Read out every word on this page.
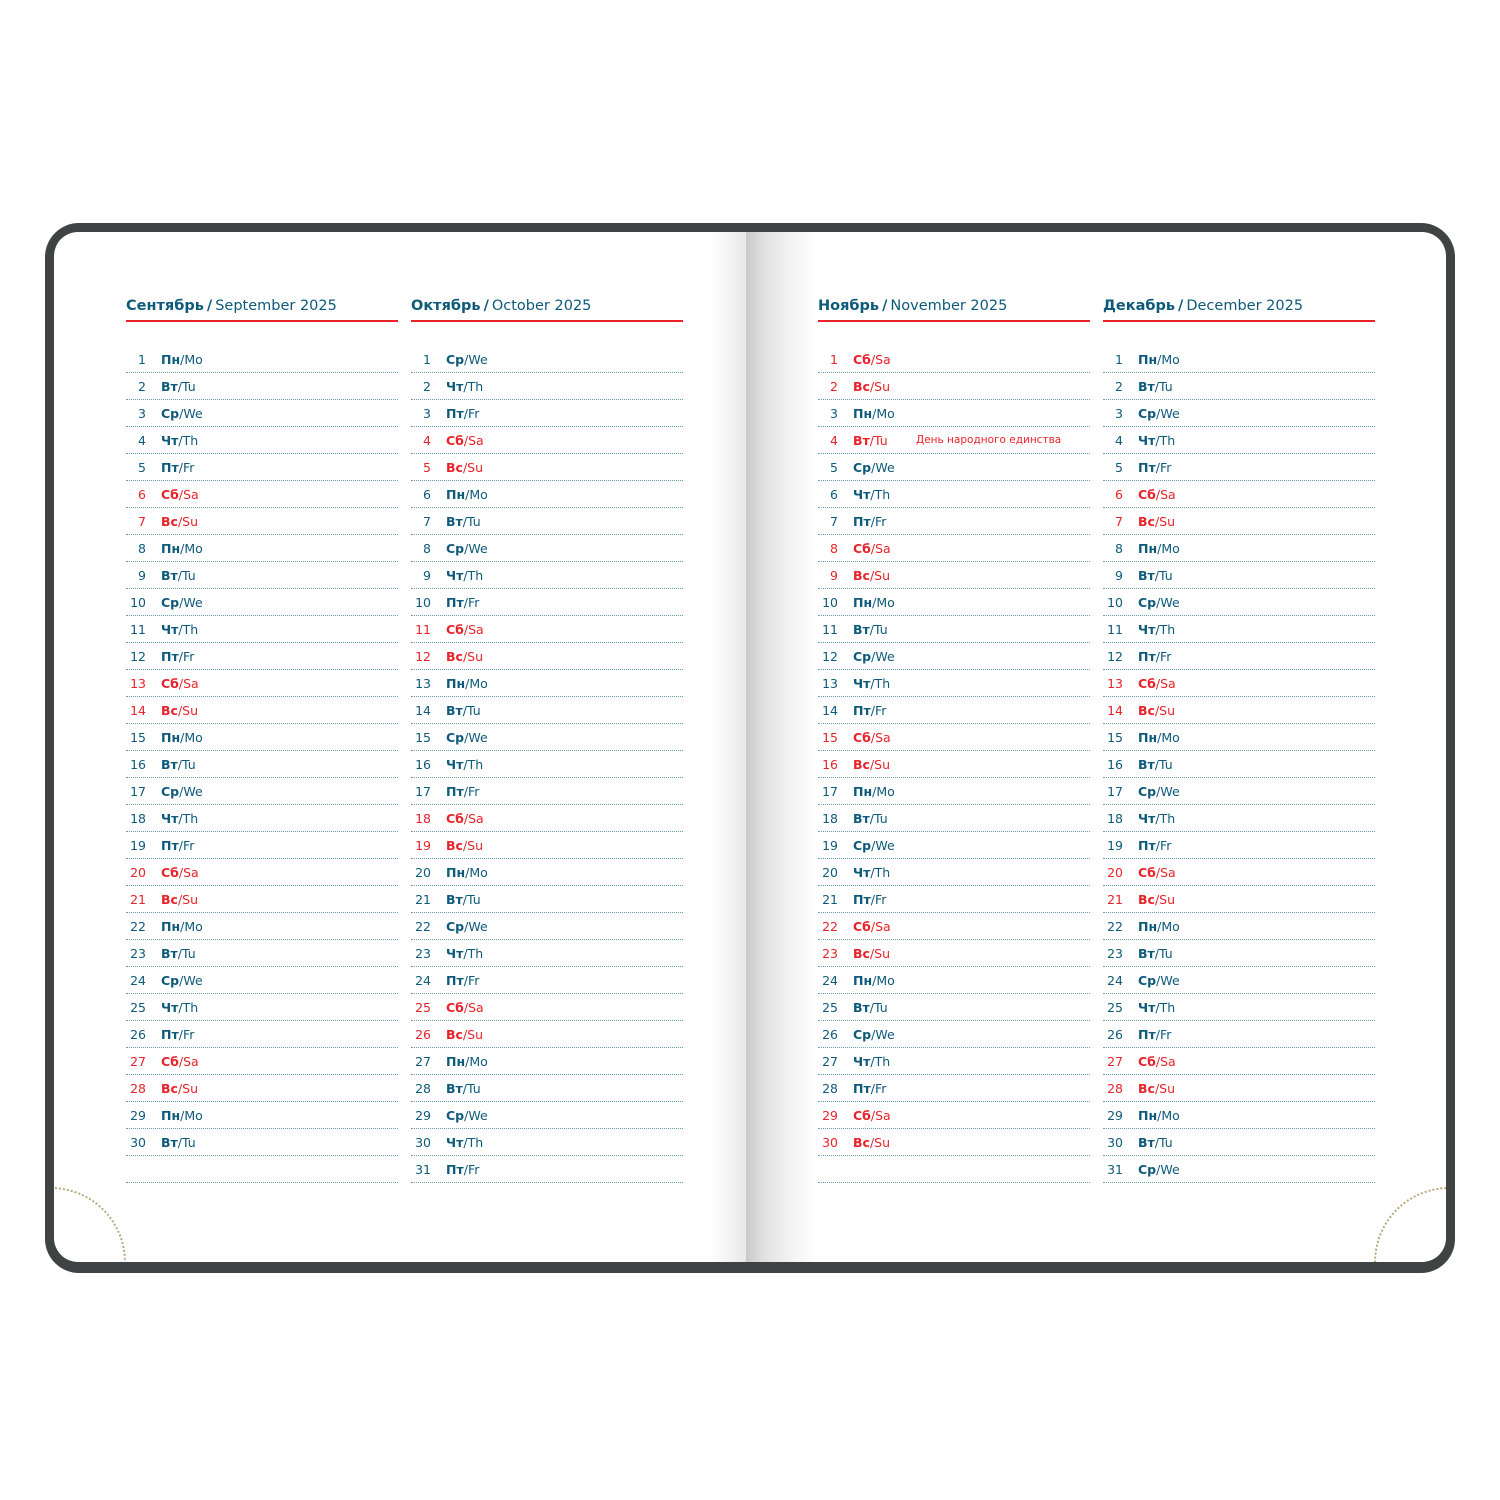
Сентябрь / September 2025
1 Пн/Mo
2 Вт/Tu
3 Ср/We
4 Чт/Th
5 Пт/Fr
6 Сб/Sa
7 Вс/Su
8 Пн/Mo
9 Вт/Tu
10 Ср/We
11 Чт/Th
12 Пт/Fr
13 Сб/Sa
14 Вс/Su
15 Пн/Mo
16 Вт/Tu
17 Ср/We
18 Чт/Th
19 Пт/Fr
20 Сб/Sa
21 Вс/Su
22 Пн/Mo
23 Вт/Tu
24 Ср/We
25 Чт/Th
26 Пт/Fr
27 Сб/Sa
28 Вс/Su
29 Пн/Mo
30 Вт/Tu
Октябрь / October 2025
1 Ср/We
2 Чт/Th
3 Пт/Fr
4 Сб/Sa
5 Вс/Su
6 Пн/Mo
7 Вт/Tu
8 Ср/We
9 Чт/Th
10 Пт/Fr
11 Сб/Sa
12 Вс/Su
13 Пн/Mo
14 Вт/Tu
15 Ср/We
16 Чт/Th
17 Пт/Fr
18 Сб/Sa
19 Вс/Su
20 Пн/Mo
21 Вт/Tu
22 Ср/We
23 Чт/Th
24 Пт/Fr
25 Сб/Sa
26 Вс/Su
27 Пн/Mo
28 Вт/Tu
29 Ср/We
30 Чт/Th
31 Пт/Fr
Ноябрь / November 2025
1 Сб/Sa
2 Вс/Su
3 Пн/Mo
4 Вт/Tu	День народного единства
5 Ср/We
6 Чт/Th
7 Пт/Fr
8 Сб/Sa
9 Вс/Su
10 Пн/Mo
11 Вт/Tu
12 Ср/We
13 Чт/Th
14 Пт/Fr
15 Сб/Sa
16 Вс/Su
17 Пн/Mo
18 Вт/Tu
19 Ср/We
20 Чт/Th
21 Пт/Fr
22 Сб/Sa
23 Вс/Su
24 Пн/Mo
25 Вт/Tu
26 Ср/We
27 Чт/Th
28 Пт/Fr
29 Сб/Sa
30 Вс/Su
Декабрь / December 2025
1 Пн/Mo
2 Вт/Tu
3 Ср/We
4 Чт/Th
5 Пт/Fr
6 Сб/Sa
7 Вс/Su
8 Пн/Mo
9 Вт/Tu
10 Ср/We
11 Чт/Th
12 Пт/Fr
13 Сб/Sa
14 Вс/Su
15 Пн/Mo
16 Вт/Tu
17 Ср/We
18 Чт/Th
19 Пт/Fr
20 Сб/Sa
21 Вс/Su
22 Пн/Mo
23 Вт/Tu
24 Ср/We
25 Чт/Th
26 Пт/Fr
27 Сб/Sa
28 Вс/Su
29 Пн/Mo
30 Вт/Tu
31 Ср/We
